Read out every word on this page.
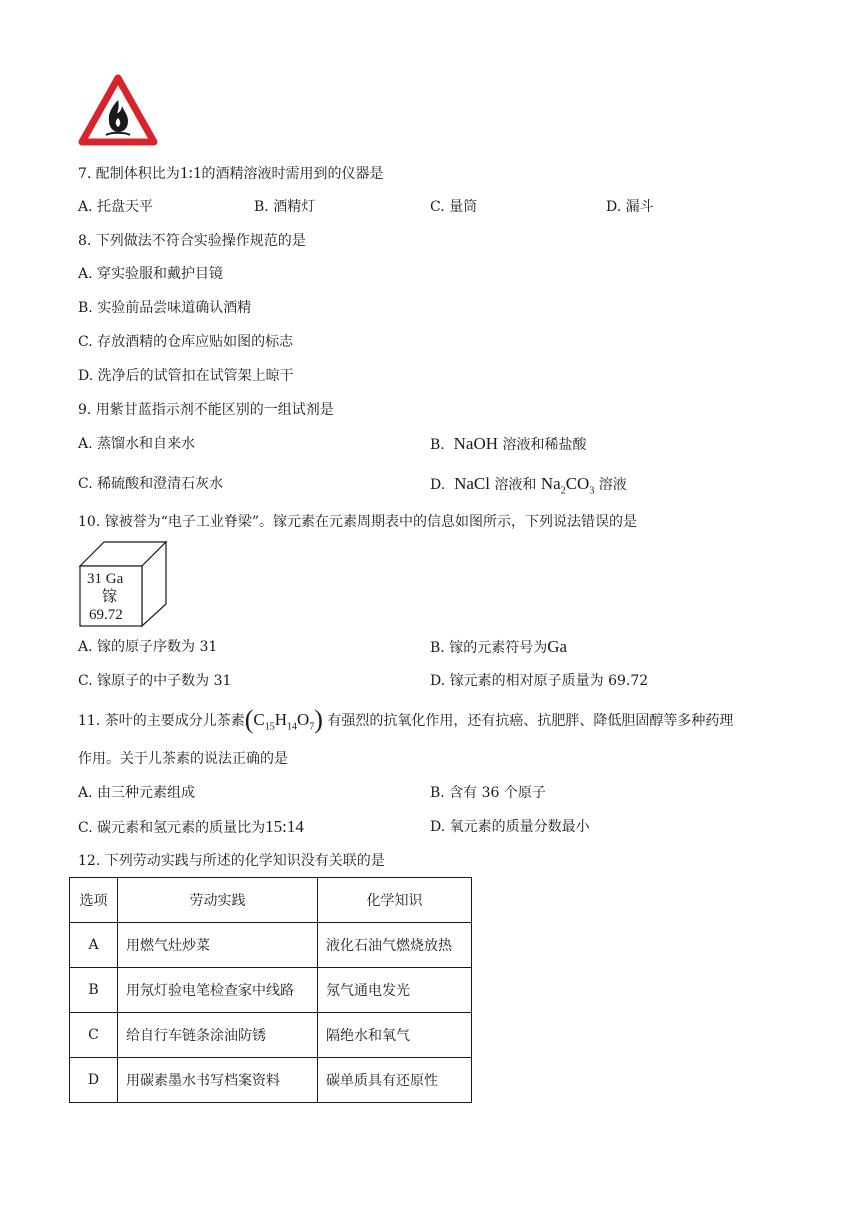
7. 配制体积比为1:1的酒精溶液时需用到的仪器是
A. 托盘天平	B. 酒精灯	C. 量筒	D. 漏斗
8. 下列做法不符合实验操作规范的是
A. 穿实验服和戴护目镜
B. 实验前品尝味道确认酒精
C. 存放酒精的仓库应贴如图的标志
D. 洗净后的试管扣在试管架上晾干
9. 用紫甘蓝指示剂不能区别的一组试剂是
A. 蒸馏水和自来水	B. NaOH 溶液和稀盐酸
C. 稀硫酸和澄清石灰水	D. NaCl 溶液和 $Na_2CO_3$ 溶液
10. 镓被誉为“电子工业脊梁”。镓元素在元素周期表中的信息如图所示，下列说法错误的是
31 Ga
镓
69.72
A. 镓的原子序数为 31	B. 镓的元素符号为Ga
C. 镓原子的中子数为 31	D. 镓元素的相对原子质量为 69.72
11. 茶叶的主要成分儿茶素$(C_{15}H_{14}O_7)$ 有强烈的抗氧化作用，还有抗癌、抗肥胖、降低胆固醇等多种药理
作用。关于儿茶素的说法正确的是
A. 由三种元素组成	B. 含有 36 个原子
C. 碳元素和氢元素的质量比为15:14	D. 氧元素的质量分数最小
12. 下列劳动实践与所述的化学知识没有关联的是
选项	劳动实践	化学知识
A	用燃气灶炒菜	液化石油气燃烧放热
B	用氖灯验电笔检查家中线路	氖气通电发光
C	给自行车链条涂油防锈	隔绝水和氧气
D	用碳素墨水书写档案资料	碳单质具有还原性
